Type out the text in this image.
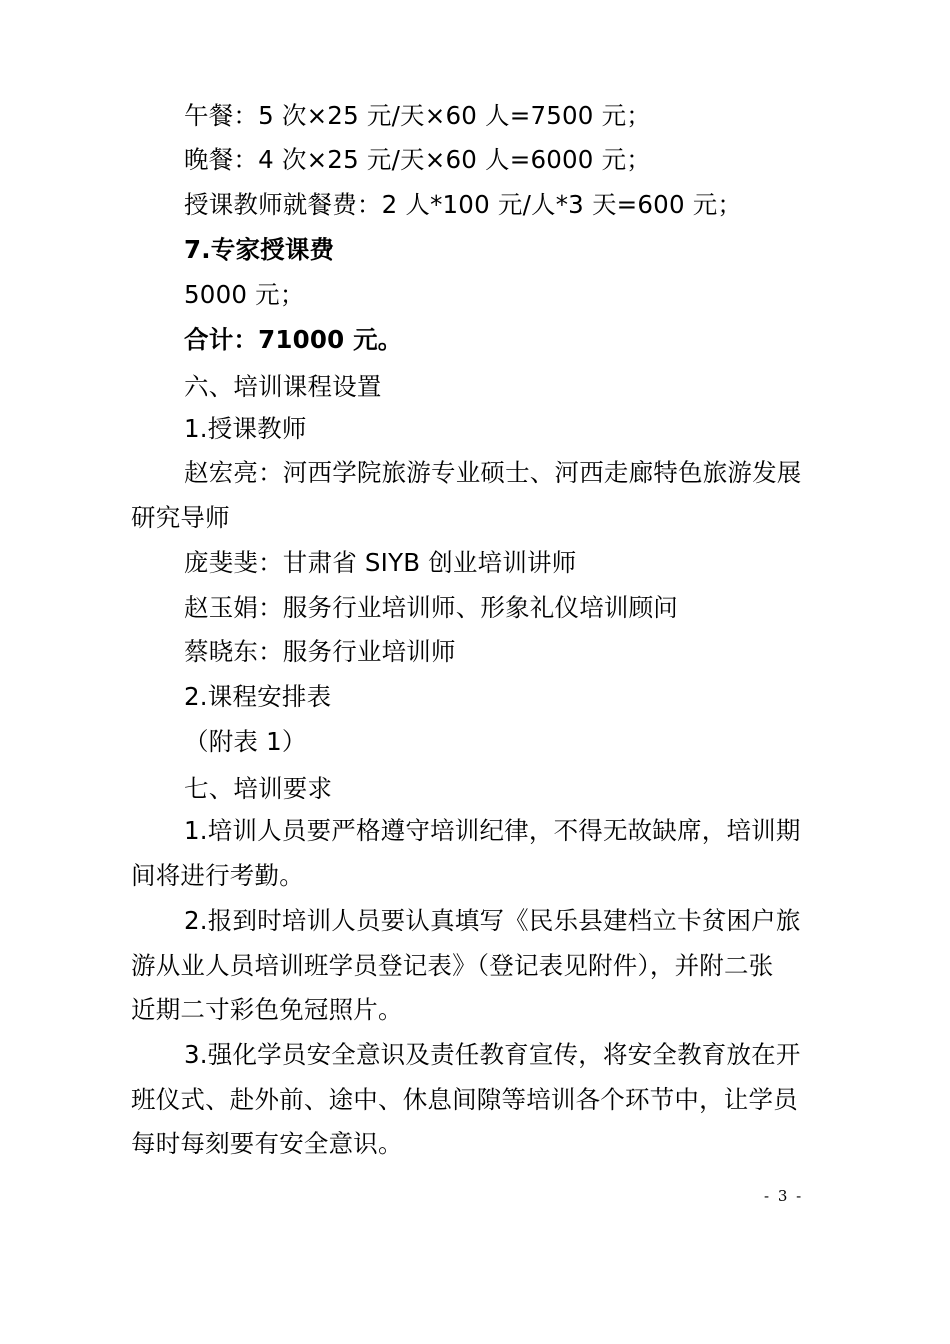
午餐：5 次×25 元/天×60 人=7500 元；
晚餐：4 次×25 元/天×60 人=6000 元；
授课教师就餐费：2 人*100 元/人*3 天=600 元；
7.专家授课费
5000 元；
合计：71000 元。
六、培训课程设置
1.授课教师
赵宏亮：河西学院旅游专业硕士、河西走廊特色旅游发展
研究导师
庞斐斐：甘肃省 SIYB 创业培训讲师
赵玉娟：服务行业培训师、形象礼仪培训顾问
蔡晓东：服务行业培训师
2.课程安排表
（附表 1）
七、培训要求
1.培训人员要严格遵守培训纪律，不得无故缺席，培训期
间将进行考勤。
2.报到时培训人员要认真填写《民乐县建档立卡贫困户旅
游从业人员培训班学员登记表》（登记表见附件），并附二张
近期二寸彩色免冠照片。
3.强化学员安全意识及责任教育宣传，将安全教育放在开
班仪式、赴外前、途中、休息间隙等培训各个环节中，让学员
每时每刻要有安全意识。
- 3 -
